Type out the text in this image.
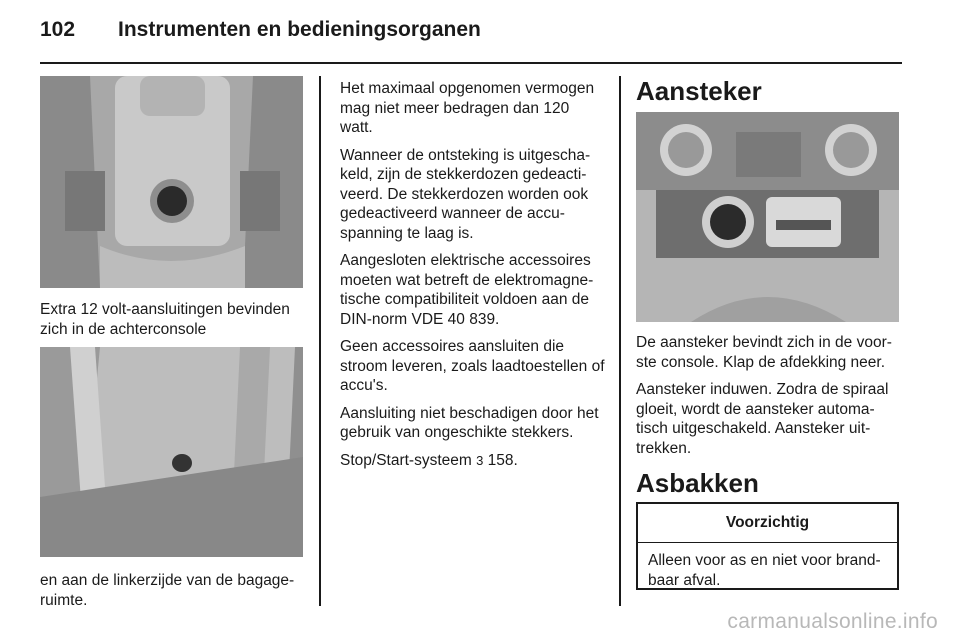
102 Instrumenten en bedieningsorganen
Extra 12 volt-aansluitingen bevinden zich in de achterconsole
en aan de linkerzijde van de bagage-ruimte.

Het maximaal opgenomen vermogen mag niet meer bedragen dan 120 watt.

Wanneer de ontsteking is uitgescha-keld, zijn de stekkerdozen gedeacti-veerd. De stekkerdozen worden ook gedeactiveerd wanneer de accu-spanning te laag is.

Aangesloten elektrische accessoires moeten wat betreft de elektromagne-tische compatibiliteit voldoen aan de DIN-norm VDE 40 839.

Geen accessoires aansluiten die stroom leveren, zoals laadtoestellen of accu's.

Aansluiting niet beschadigen door het gebruik van ongeschikte stekkers.

Stop/Start-systeem 3 158.

Aansteker

De aansteker bevindt zich in de voor-ste console. Klap de afdekking neer.

Aansteker induwen. Zodra de spiraal gloeit, wordt de aansteker automa-tisch uitgeschakeld. Aansteker uit-trekken.

Asbakken
Voorzichtig
Alleen voor as en niet voor brand-baar afval.
carmanualsonline.info
